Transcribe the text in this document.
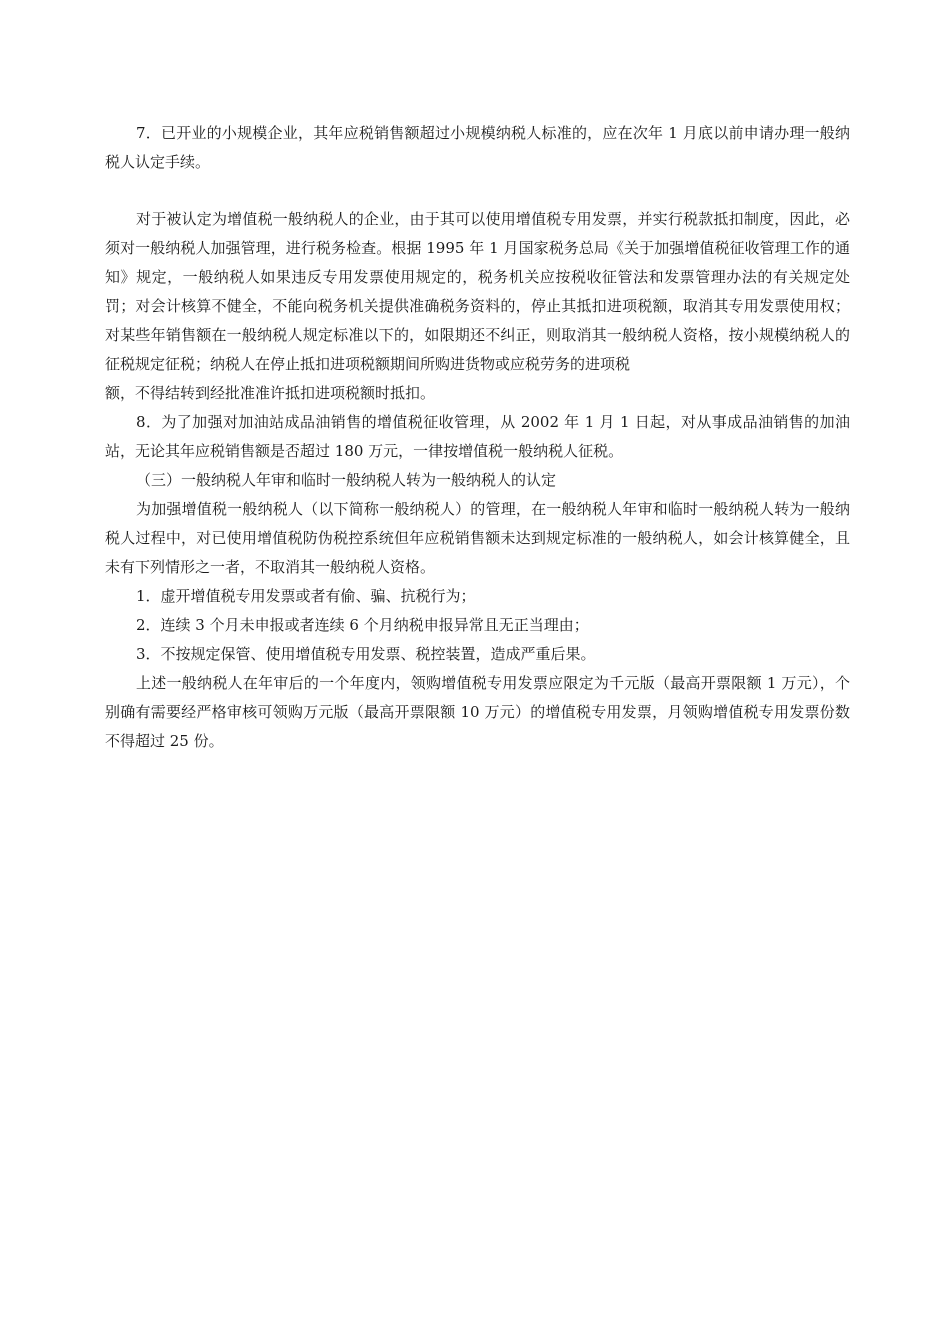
7．已开业的小规模企业，其年应税销售额超过小规模纳税人标准的，应在次年 1 月底以前申请办理一般纳税人认定手续。

对于被认定为增值税一般纳税人的企业，由于其可以使用增值税专用发票，并实行税款抵扣制度，因此，必须对一般纳税人加强管理，进行税务检查。根据 1995 年 1 月国家税务总局《关于加强增值税征收管理工作的通知》规定，一般纳税人如果违反专用发票使用规定的，税务机关应按税收征管法和发票管理办法的有关规定处罚；对会计核算不健全，不能向税务机关提供准确税务资料的，停止其抵扣进项税额，取消其专用发票使用权；对某些年销售额在一般纳税人规定标准以下的，如限期还不纠正，则取消其一般纳税人资格，按小规模纳税人的征税规定征税；纳税人在停止抵扣进项税额期间所购进货物或应税劳务的进项税

额，不得结转到经批准准许抵扣进项税额时抵扣。

8．为了加强对加油站成品油销售的增值税征收管理，从 2002 年 1 月 1 日起，对从事成品油销售的加油站，无论其年应税销售额是否超过 180 万元，一律按增值税一般纳税人征税。

（三）一般纳税人年审和临时一般纳税人转为一般纳税人的认定

为加强增值税一般纳税人（以下简称一般纳税人）的管理，在一般纳税人年审和临时一般纳税人转为一般纳税人过程中，对已使用增值税防伪税控系统但年应税销售额未达到规定标准的一般纳税人，如会计核算健全，且未有下列情形之一者，不取消其一般纳税人资格。

1．虚开增值税专用发票或者有偷、骗、抗税行为；

2．连续 3 个月未申报或者连续 6 个月纳税申报异常且无正当理由；

3．不按规定保管、使用增值税专用发票、税控装置，造成严重后果。

上述一般纳税人在年审后的一个年度内，领购增值税专用发票应限定为千元版（最高开票限额 1 万元），个别确有需要经严格审核可领购万元版（最高开票限额 10 万元）的增值税专用发票，月领购增值税专用发票份数不得超过 25 份。
